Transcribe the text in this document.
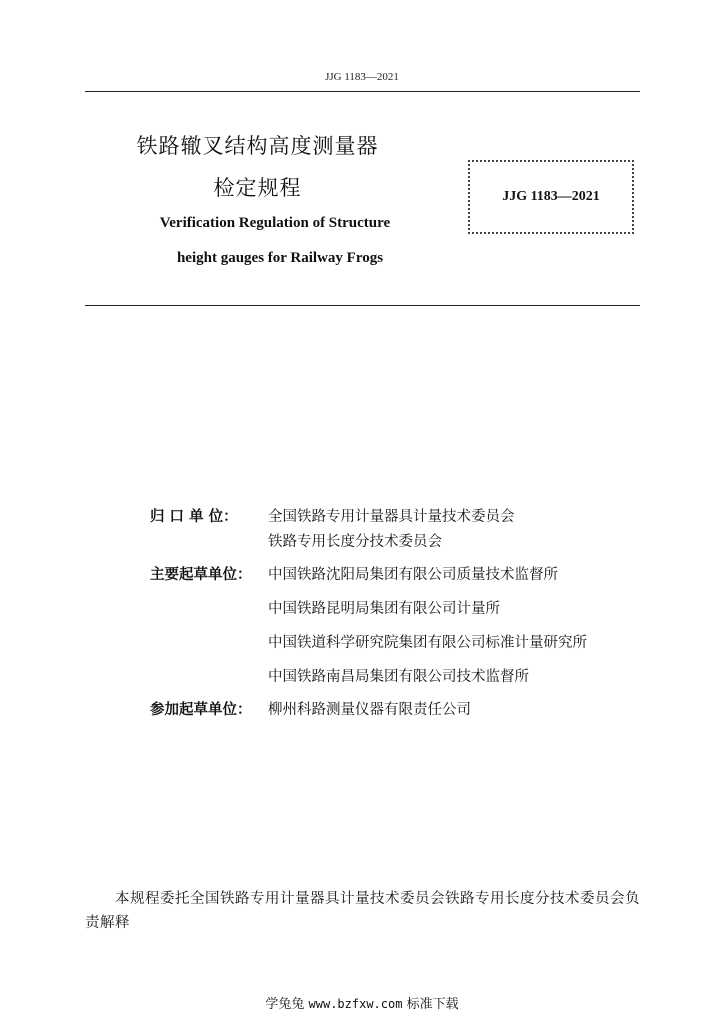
JJG 1183—2021
铁路辙叉结构高度测量器
检定规程
Verification Regulation of Structure
height gauges for Railway Frogs
JJG 1183—2021
归 口 单 位：	全国铁路专用计量器具计量技术委员会
铁路专用长度分技术委员会
主要起草单位：	中国铁路沈阳局集团有限公司质量技术监督所
中国铁路昆明局集团有限公司计量所
中国铁道科学研究院集团有限公司标准计量研究所
中国铁路南昌局集团有限公司技术监督所
参加起草单位：	柳州科路测量仪器有限责任公司
本规程委托全国铁路专用计量器具计量技术委员会铁路专用长度分技术委员会负责解释
学兔兔 www.bzfxw.com 标准下载
